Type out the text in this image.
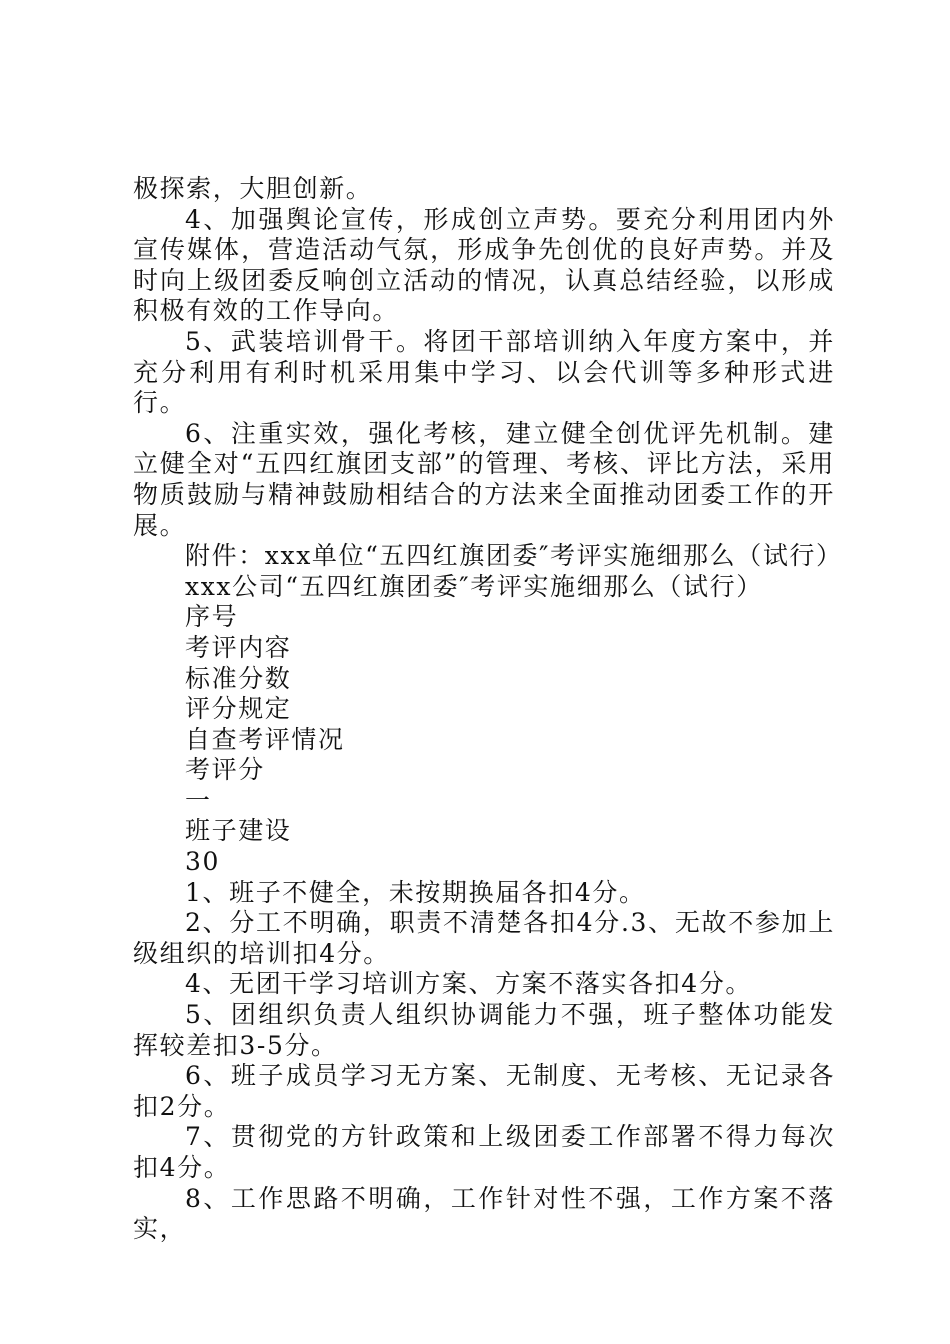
极探索，大胆创新。

4、加强舆论宣传，形成创立声势。要充分利用团内外宣传媒体，营造活动气氛，形成争先创优的良好声势。并及时向上级团委反响创立活动的情况，认真总结经验，以形成积极有效的工作导向。

5、武装培训骨干。将团干部培训纳入年度方案中，并充分利用有利时机采用集中学习、以会代训等多种形式进行。

6、注重实效，强化考核，建立健全创优评先机制。建立健全对“五四红旗团支部”的管理、考核、评比方法，采用物质鼓励与精神鼓励相结合的方法来全面推动团委工作的开展。

附件：xxx单位“五四红旗团委″考评实施细那么（试行）

xxx公司“五四红旗团委″考评实施细那么（试行）

序号

考评内容

标准分数

评分规定

自查考评情况

考评分

一

班子建设

30

1、班子不健全，未按期换届各扣4分。

2、分工不明确，职责不清楚各扣4分.3、无故不参加上级组织的培训扣4分。

4、无团干学习培训方案、方案不落实各扣4分。

5、团组织负责人组织协调能力不强，班子整体功能发挥较差扣3-5分。

6、班子成员学习无方案、无制度、无考核、无记录各扣2分。

7、贯彻党的方针政策和上级团委工作部署不得力每次扣4分。

8、工作思路不明确，工作针对性不强，工作方案不落实，
